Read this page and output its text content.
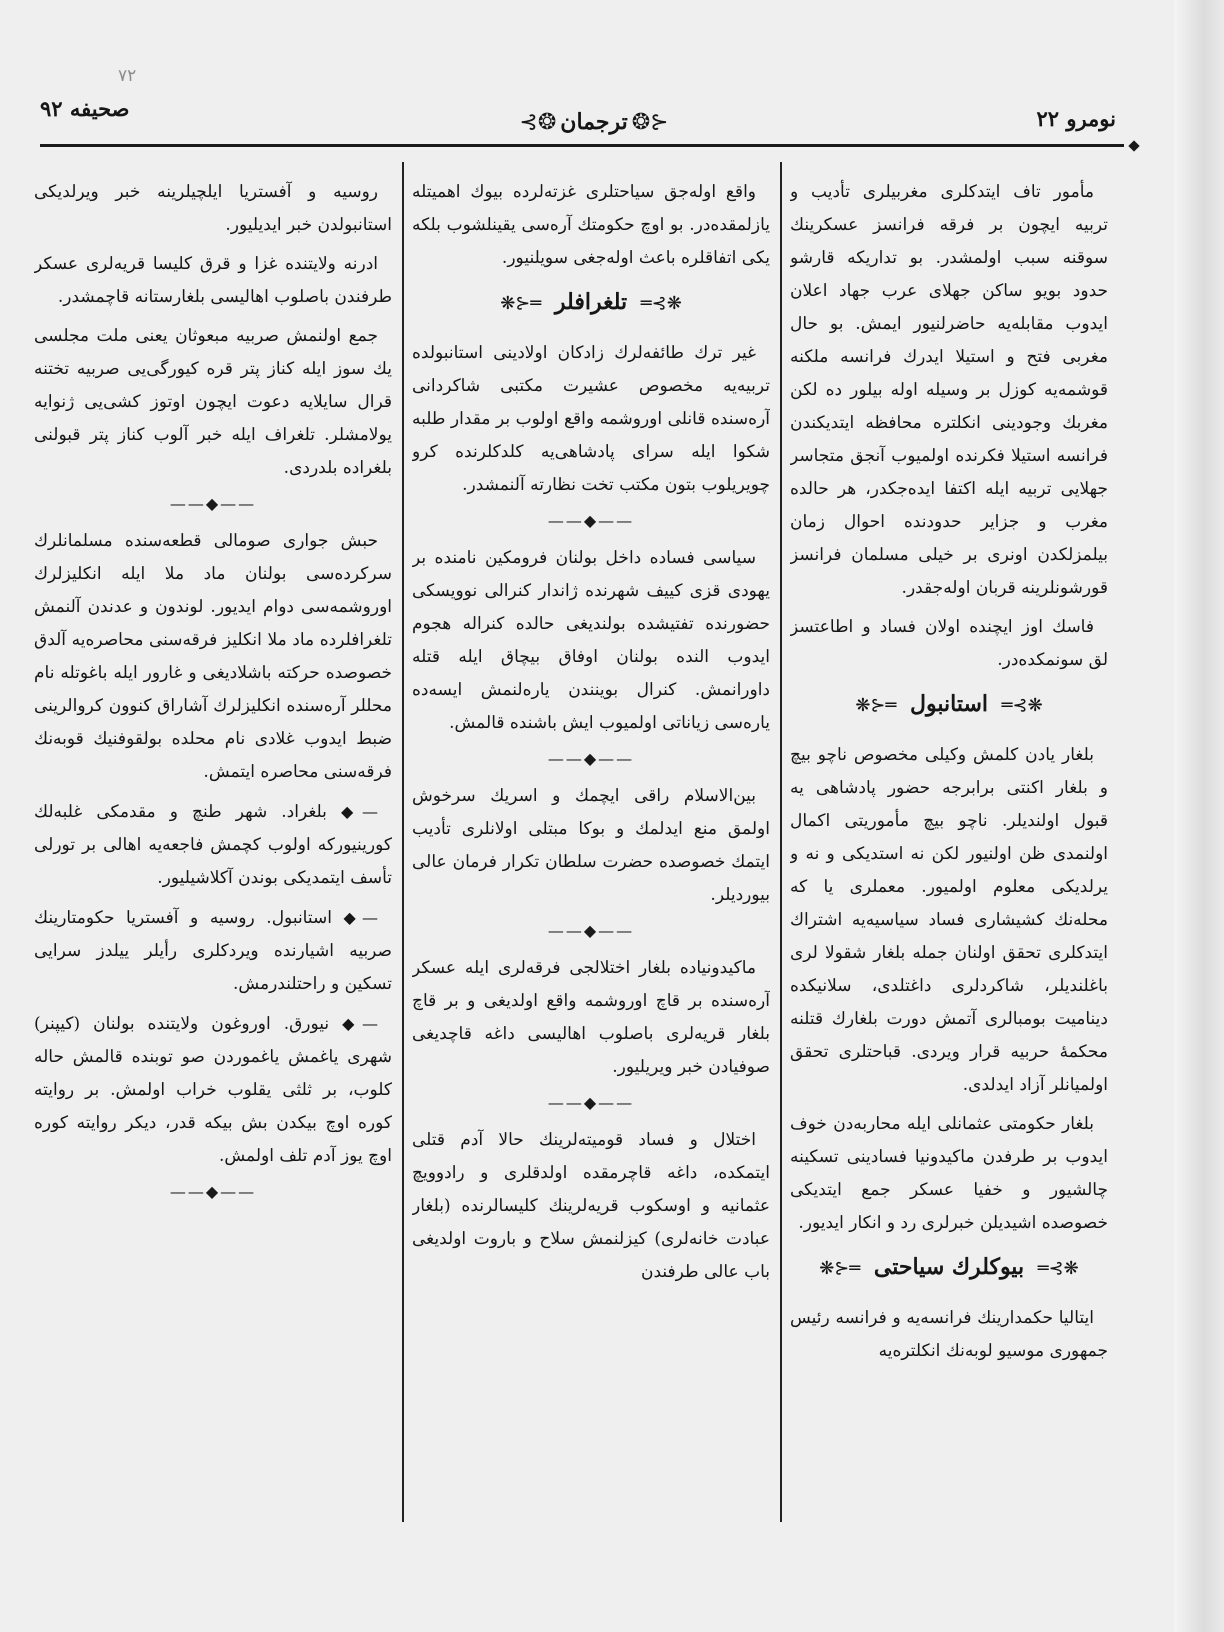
٧٢
صحيفه ٩٢
⊰❂ ترجمان ❂⊱	نومرو ٢٢

مأمور تاف ايتدكلری مغربيلری تأديب و تربيه ايچون بر فرقه فرانسز عسكرينك سوقنه سبب اولمشدر. بو تداريكه قارشو حدود بويو ساكن جهلای عرب جهاد اعلان ايدوب مقابله‌يه حاضرلنيور ايمش. بو حال مغربی فتح و استيلا ايدرك فرانسه ملكنه قوشمه‌يه كوزل بر وسيله اوله بيلور ده لكن مغربك وجودينی انكلتره محافظه ايتديكندن فرانسه استيلا فكرنده اولميوب آنجق متجاسر جهلايی تربيه ايله اكتفا ايده‌جكدر، هر حالده مغرب و جزاير حدودنده احوال زمان بيلمزلكدن اونری بر خيلی مسلمان فرانسز قورشونلرينه قربان اوله‌جقدر.

فاسك اوز ايچنده اولان فساد و اطاعتسز لق سونمكده‌در.

❋⊱═ استانبول ═⊰❋

بلغار يادن كلمش وكيلی مخصوص ناچو بيچ و بلغار اكنتی برابرجه حضور پادشاهی يه قبول اولنديلر. ناچو بيچ مأموريتی اكمال اولنمدی ظن اولنيور لكن نه استديكی و نه و يرلديكی معلوم اولميور. معملری يا كه محله‌نك كشيشاری فساد سياسيه‌يه اشتراك ايتدكلری تحقق اولنان جمله بلغار شقولا لری باغلنديلر، شاكردلری داغتلدی، سلانيكده ديناميت بومبالری آتمش دورت بلغارك قتلنه محكمهٔ حربيه قرار ويردی. قباحتلری تحقق اولميانلر آزاد ايدلدی.

بلغار حكومتی عثمانلی ايله محاربه‌دن خوف ايدوب بر طرفدن ماكيدونيا فسادينی تسكينه چالشيور و خفيا عسكر جمع ايتديكی خصوصده اشيديلن خبرلری رد و انكار ايديور.

❋⊱═ بيوكلرك سياحتی ═⊰❋

ايتاليا حكمدارينك فرانسه‌يه و فرانسه رئيس جمهوری موسيو لوبه‌نك انكلتره‌يه

واقع اوله‌جق سياحتلری غزته‌لرده بيوك اهميتله يازلمقده‌در. بو اوچ حكومتك آره‌سی يقينلشوب بلكه يكی اتفاقلره باعث اوله‌جغی سويلنيور.

❋⊱═ تلغرافلر ═⊰❋

غير ترك طائفه‌لرك زادكان اولادينی استانبولده تربيه‌يه مخصوص عشيرت مكتبی شاكردانی آره‌سنده قانلی اوروشمه واقع اولوب بر مقدار طلبه شكوا ايله سرای پادشاهی‌يه كلدكلرنده كرو چويريلوب بتون مكتب تخت نظارته آلنمشدر.

——◆——

سياسی فساده داخل بولنان فرومكين نامنده بر يهودی قزی كييف شهرنده ژاندار كنرالی نوويسكی حضورنده تفتيشده بولنديغی حالده كنراله هجوم ايدوب النده بولنان اوفاق بيچاق ايله قتله داورانمش. كنرال بوينندن يارەلنمش ايسه‌ده يارەسی زياناتی اولميوب ايش باشنده قالمش.

——◆——

بين‌الاسلام راقی ايچمك و اسريك سرخوش اولمق منع ايدلمك و بوكا مبتلی اولانلری تأديب ايتمك خصوصده حضرت سلطان تكرار فرمان عالی بيورديلر.

——◆——

ماكيدونياده بلغار اختلالجی فرقه‌لری ايله عسكر آره‌سنده بر قاچ اوروشمه واقع اولديغی و بر قاچ بلغار قريه‌لری باصلوب اهاليسی داغه قاچديغی صوفيادن خبر ويريليور.

——◆——

اختلال و فساد قومیته‌لرینك حالا آدم قتلی ايتمكده، داغه قاچرمقده اولدقلری و رادوويچ عثمانيه و اوسكوب قريه‌لرينك كليسالرنده (بلغار عبادت خانه‌لری) كيزلنمش سلاح و باروت اولديغی باب عالی طرفندن

روسيه و آفستريا ايلچيلرينه خبر ويرلديكی استانبولدن خبر ايديليور.

ادرنه ولايتنده غزا و قرق كليسا قريه‌لری عسكر طرفندن باصلوب اهاليسی بلغارستانه قاچمشدر.

جمع اولنمش صربيه مبعوثان يعنی ملت مجلسی يك سوز ايله كناز پتر قره كيورگی‌يی صربيه تختنه قرال سايلايه دعوت ايچون اوتوز كشی‌يی ژنوايه يولامشلر. تلغراف ايله خبر آلوب كناز پتر قبولنی بلغراده بلدردی.

——◆——

حبش جواری صومالی قطعه‌سنده مسلمانلرك سركرده‌سی بولنان ماد ملا ايله انكليزلرك اوروشمه‌سی دوام ايديور. لوندون و عدندن آلنمش تلغرافلرده ماد ملا انكليز فرقه‌سنی محاصره‌يه آلدق خصوصده حركته باشلاديغی و غارور ايله باغوتله نام محللر آره‌سنده انكليزلرك آشاراق كنوون كروالرينی ضبط ايدوب غلادی نام محلده بولقوفنيك قوبه‌نك فرقه‌سنی محاصره ايتمش.

—◆ بلغراد. شهر طنچ و مقدمكی غلبه‌لك كورينيوركه اولوب كچمش فاجعه‌يه اهالی بر تورلی تأسف ايتمديكی بوندن آكلاشيليور.

—◆ استانبول. روسيه و آفستريا حكومتارينك صربيه اشيارنده ويردكلری رأيلر ييلدز سرايی تسكين و راحتلندرمش.

—◆ نيورق. اوروغون ولايتنده بولنان (كيپنر) شهری ياغمش ياغموردن صو توبنده قالمش حاله كلوب، بر ثلثی يقلوب خراب اولمش. بر روايته كوره اوچ بيكدن بش بيكه قدر، ديكر روايته كوره اوچ يوز آدم تلف اولمش.

——◆——
